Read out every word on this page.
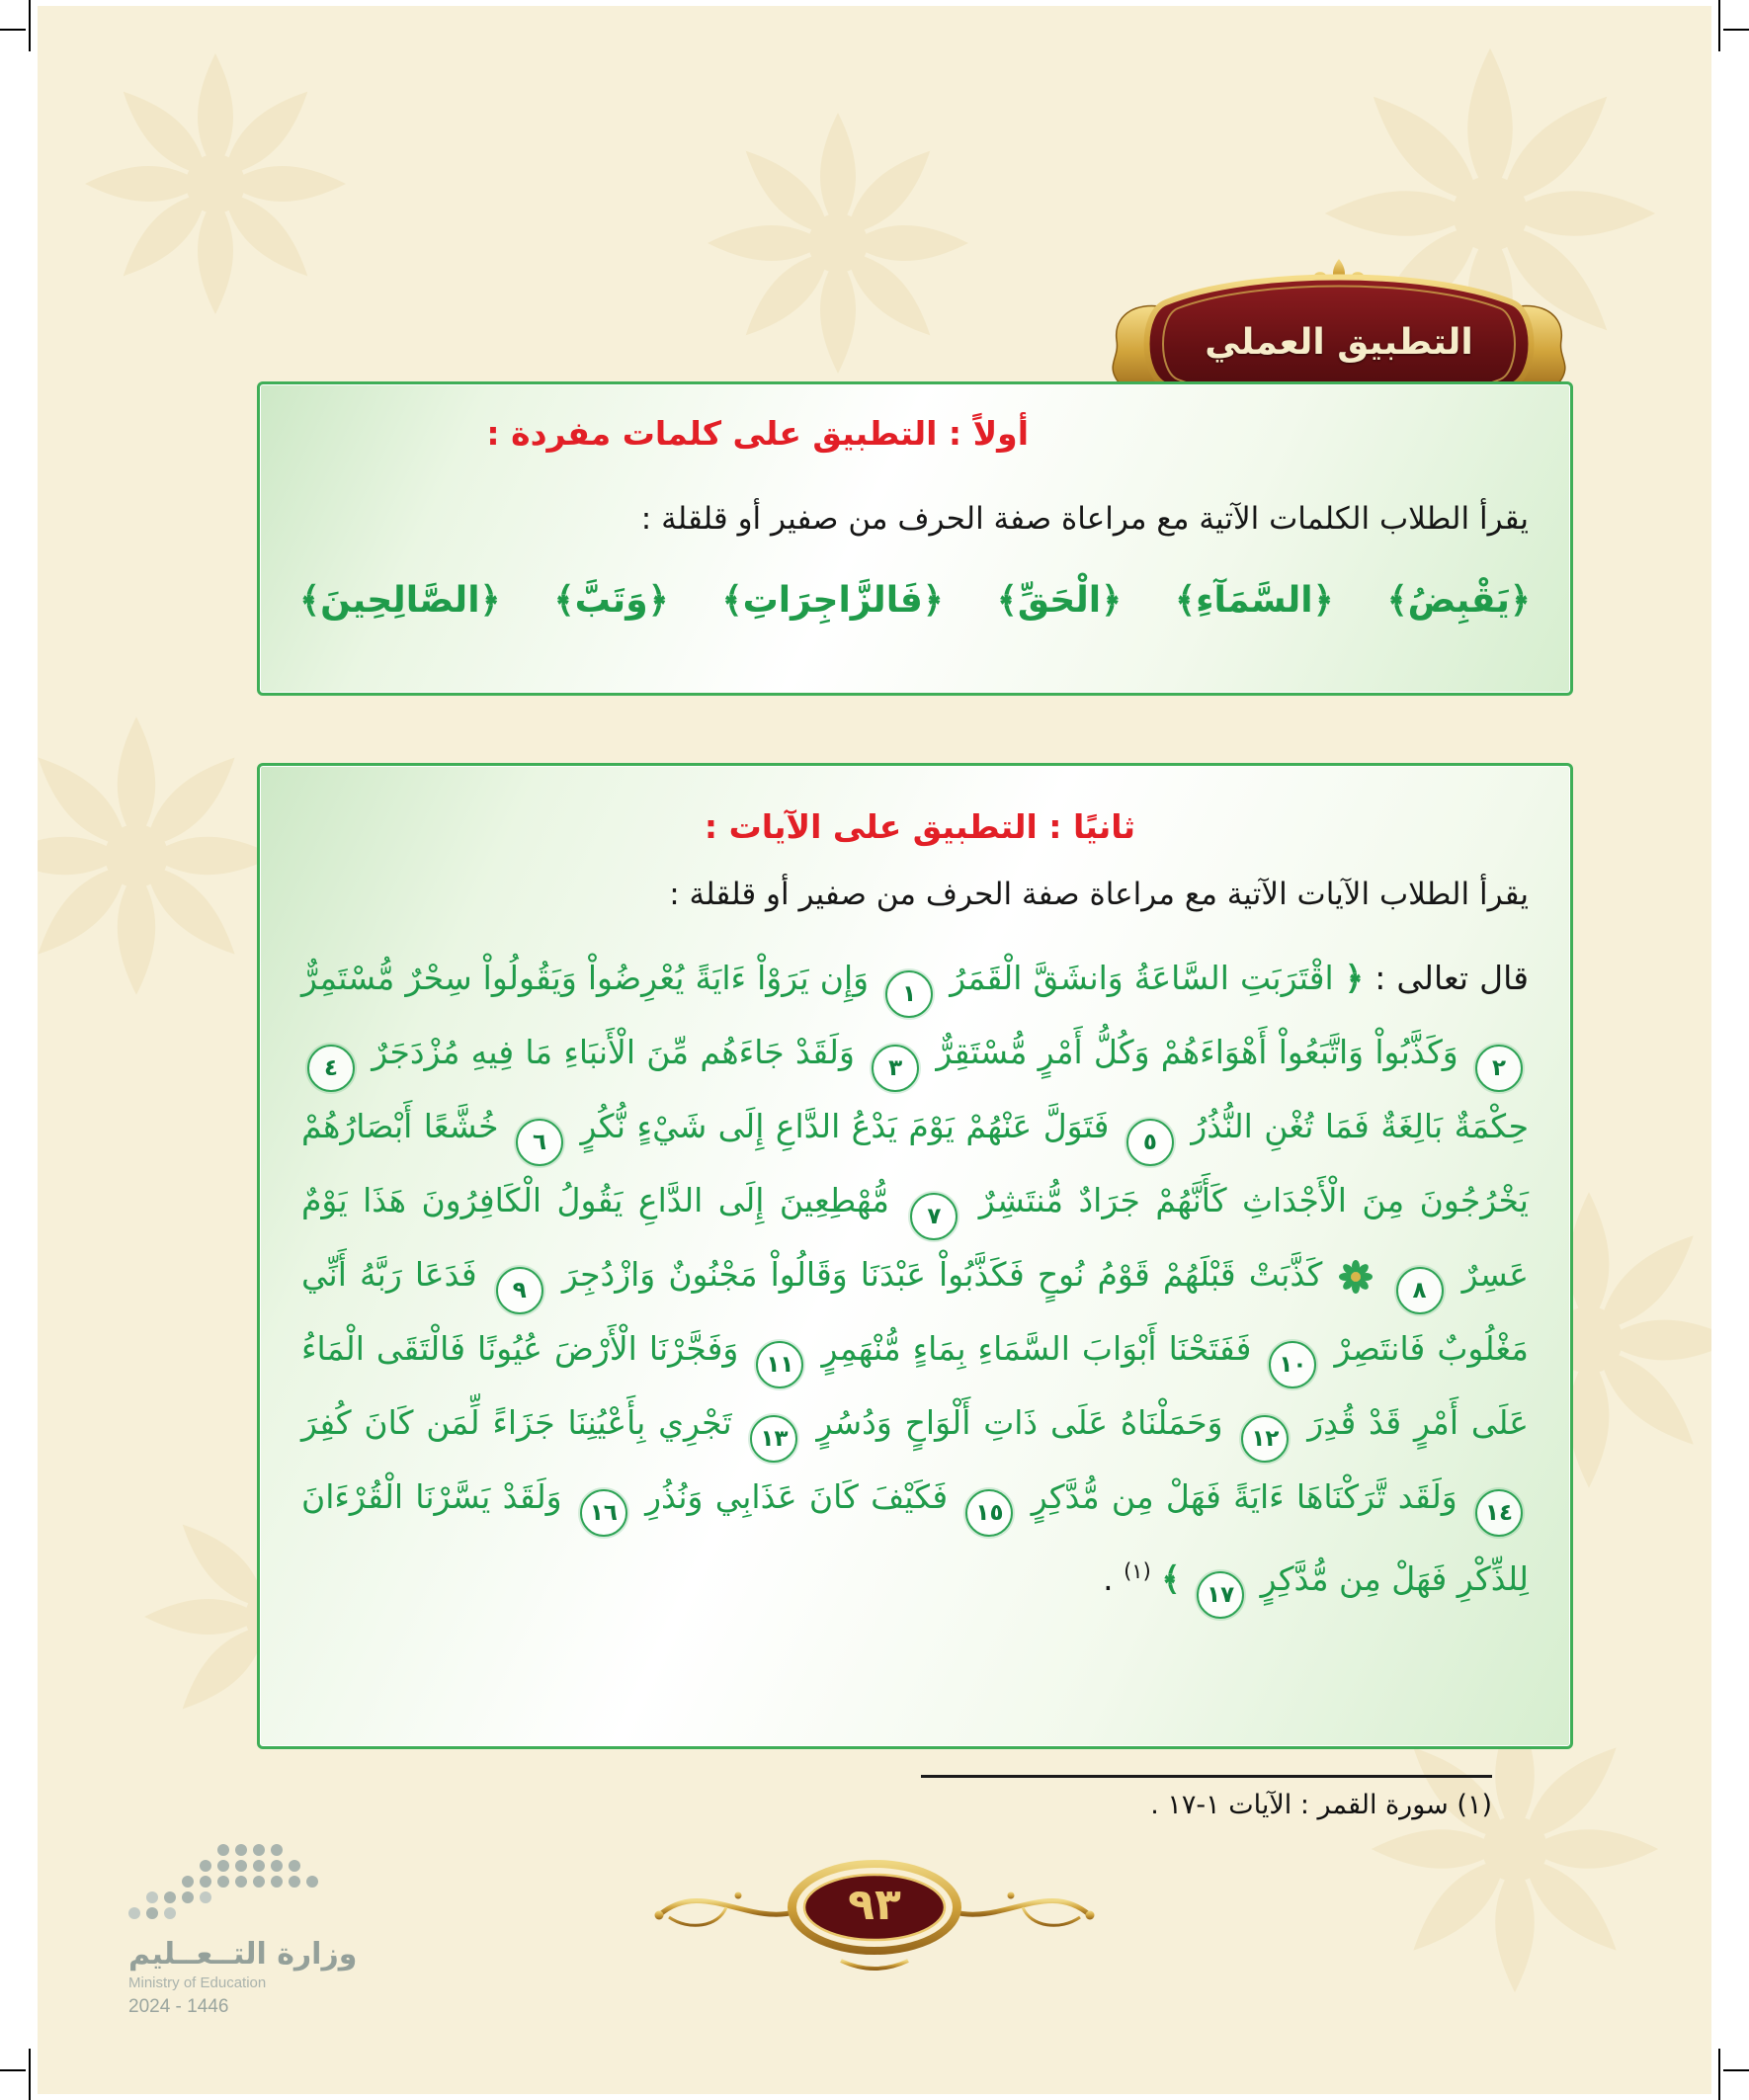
التطبيق العملي
أولاً : التطبيق على كلمات مفردة :

يقرأ الطلاب الكلمات الآتية مع مراعاة صفة الحرف من صفير أو قلقلة :

﴿يَقْبِضُ﴾
﴿السَّمَآءِ﴾
﴿الْحَقِّ﴾
﴿فَالزَّاجِرَاتِ﴾
﴿وَتَبَّ﴾
﴿الصَّالِحِينَ﴾
ثانيًا : التطبيق على الآيات :

يقرأ الطلاب الآيات الآتية مع مراعاة صفة الحرف من صفير أو قلقلة :

قال تعالى : ﴿ اقْتَرَبَتِ السَّاعَةُ وَانشَقَّ الْقَمَرُ ١ وَإِن يَرَوْاْ ءَايَةً يُعْرِضُواْ وَيَقُولُواْ سِحْرٌ مُّسْتَمِرٌّ ٢ وَكَذَّبُواْ وَاتَّبَعُواْ أَهْوَاءَهُمْ وَكُلُّ أَمْرٍ مُّسْتَقِرٌّ ٣ وَلَقَدْ جَاءَهُم مِّنَ الْأَنبَاءِ مَا فِيهِ مُزْدَجَرٌ ٤ حِكْمَةٌ بَالِغَةٌ فَمَا تُغْنِ النُّذُرُ ٥ فَتَوَلَّ عَنْهُمْ يَوْمَ يَدْعُ الدَّاعِ إِلَى شَيْءٍ نُّكُرٍ ٦ خُشَّعًا أَبْصَارُهُمْ يَخْرُجُونَ مِنَ الْأَجْدَاثِ كَأَنَّهُمْ جَرَادٌ مُّنتَشِرٌ ٧ مُّهْطِعِينَ إِلَى الدَّاعِ يَقُولُ الْكَافِرُونَ هَذَا يَوْمٌ عَسِرٌ ٨  كَذَّبَتْ قَبْلَهُمْ قَوْمُ نُوحٍ فَكَذَّبُواْ عَبْدَنَا وَقَالُواْ مَجْنُونٌ وَازْدُجِرَ ٩ فَدَعَا رَبَّهُ أَنِّي مَغْلُوبٌ فَانتَصِرْ ١٠ فَفَتَحْنَا أَبْوَابَ السَّمَاءِ بِمَاءٍ مُّنْهَمِرٍ ١١ وَفَجَّرْنَا الْأَرْضَ عُيُونًا فَالْتَقَى الْمَاءُ عَلَى أَمْرٍ قَدْ قُدِرَ ١٢ وَحَمَلْنَاهُ عَلَى ذَاتِ أَلْوَاحٍ وَدُسُرٍ ١٣ تَجْرِي بِأَعْيُنِنَا جَزَاءً لِّمَن كَانَ كُفِرَ ١٤ وَلَقَد تَّرَكْنَاهَا ءَايَةً فَهَلْ مِن مُّدَّكِرٍ ١٥ فَكَيْفَ كَانَ عَذَابِي وَنُذُرِ ١٦ وَلَقَدْ يَسَّرْنَا الْقُرْءَانَ لِلذِّكْرِ فَهَلْ مِن مُّدَّكِرٍ ١٧ ﴾ $^{(١)}$ .

(١) سورة القمر : الآيات ١-١٧ .
٩٣
وزارة التــعــليم
Ministry of Education
2024 - 1446
